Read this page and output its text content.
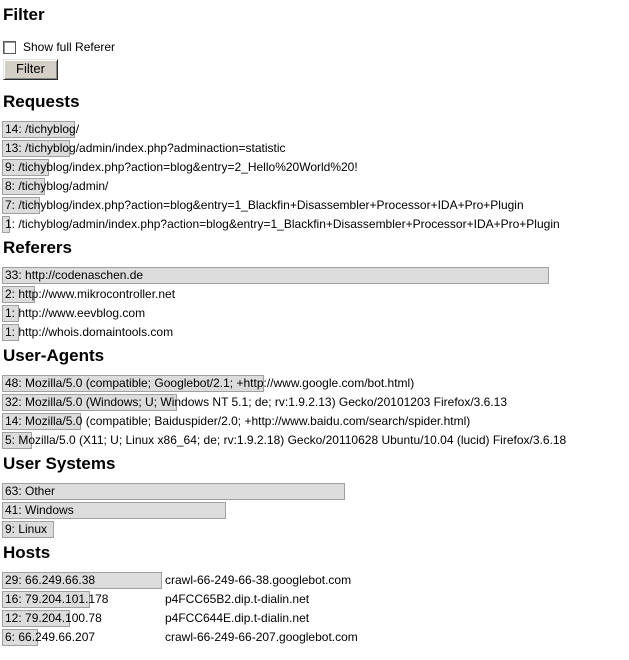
Filter
Show full Referer
Filter
Requests
14: /tichyblog/
13: /tichyblog/admin/index.php?adminaction=statistic
9: /tichyblog/index.php?action=blog&entry=2_Hello%20World%20!
8: /tichyblog/admin/
7: /tichyblog/index.php?action=blog&entry=1_Blackfin+Disassembler+Processor+IDA+Pro+Plugin
1: /tichyblog/admin/index.php?action=blog&entry=1_Blackfin+Disassembler+Processor+IDA+Pro+Plugin
Referers
33: http://codenaschen.de
2: http://www.mikrocontroller.net
1: http://www.eevblog.com
1: http://whois.domaintools.com
User-Agents
48: Mozilla/5.0 (compatible; Googlebot/2.1; +http://www.google.com/bot.html)
32: Mozilla/5.0 (Windows; U; Windows NT 5.1; de; rv:1.9.2.13) Gecko/20101203 Firefox/3.6.13
14: Mozilla/5.0 (compatible; Baiduspider/2.0; +http://www.baidu.com/search/spider.html)
5: Mozilla/5.0 (X11; U; Linux x86_64; de; rv:1.9.2.18) Gecko/20110628 Ubuntu/10.04 (lucid) Firefox/3.6.18
User Systems
63: Other
41: Windows
9: Linux
Hosts
29: 66.249.66.38	crawl-66-249-66-38.googlebot.com
16: 79.204.101.178	p4FCC65B2.dip.t-dialin.net
12: 79.204.100.78	p4FCC644E.dip.t-dialin.net
6: 66.249.66.207	crawl-66-249-66-207.googlebot.com
